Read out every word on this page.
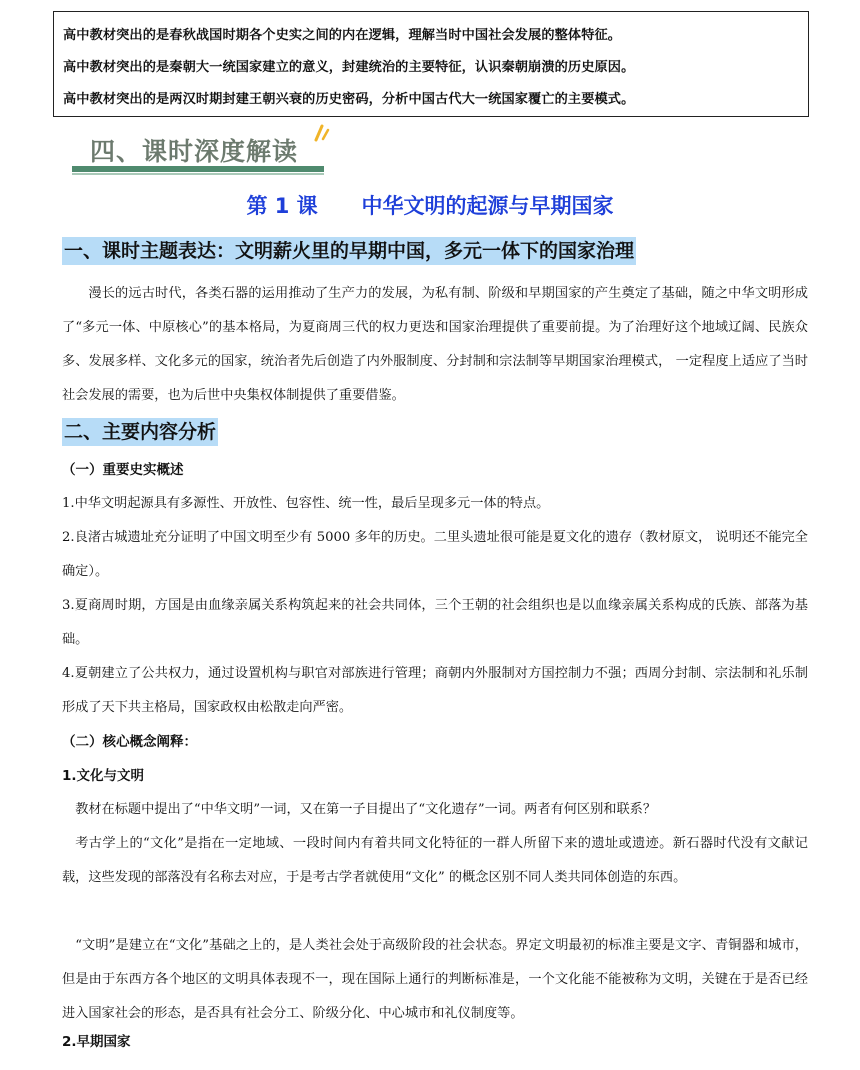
高中教材突出的是春秋战国时期各个史实之间的内在逻辑，理解当时中国社会发展的整体特征。

高中教材突出的是秦朝大一统国家建立的意义，封建统治的主要特征，认识秦朝崩溃的历史原因。

高中教材突出的是两汉时期封建王朝兴衰的历史密码，分析中国古代大一统国家覆亡的主要模式。

四、课时深度解读
第 1 课      中华文明的起源与早期国家
一、课时主题表达：文明薪火里的早期中国，多元一体下的国家治理

漫长的远古时代，各类石器的运用推动了生产力的发展，为私有制、阶级和早期国家的产生奠定了基础，随之中华文明形成了“多元一体、中原核心”的基本格局，为夏商周三代的权力更迭和国家治理提供了重要前提。为了治理好这个地域辽阔、民族众多、发展多样、文化多元的国家，统治者先后创造了内外服制度、分封制和宗法制等早期国家治理模式， 一定程度上适应了当时社会发展的需要，也为后世中央集权体制提供了重要借鉴。

二、主要内容分析
（一）重要史实概述

1.中华文明起源具有多源性、开放性、包容性、统一性，最后呈现多元一体的特点。

2.良渚古城遗址充分证明了中国文明至少有 5000 多年的历史。二里头遗址很可能是夏文化的遗存（教材原文， 说明还不能完全确定）。

3.夏商周时期，方国是由血缘亲属关系构筑起来的社会共同体，三个王朝的社会组织也是以血缘亲属关系构成的氏族、部落为基础。

4.夏朝建立了公共权力，通过设置机构与职官对部族进行管理；商朝内外服制对方国控制力不强；西周分封制、宗法制和礼乐制形成了天下共主格局，国家政权由松散走向严密。

（二）核心概念阐释：
1.文化与文明

教材在标题中提出了“中华文明”一词，又在第一子目提出了“文化遗存”一词。两者有何区别和联系？

考古学上的“文化”是指在一定地域、一段时间内有着共同文化特征的一群人所留下来的遗址或遗迹。新石器时代没有文献记载，这些发现的部落没有名称去对应，于是考古学者就使用“文化” 的概念区别不同人类共同体创造的东西。

“文明”是建立在“文化”基础之上的，是人类社会处于高级阶段的社会状态。界定文明最初的标准主要是文字、青铜器和城市，但是由于东西方各个地区的文明具体表现不一，现在国际上通行的判断标准是，一个文化能不能被称为文明，关键在于是否已经进入国家社会的形态，是否具有社会分工、阶级分化、中心城市和礼仪制度等。

2.早期国家
